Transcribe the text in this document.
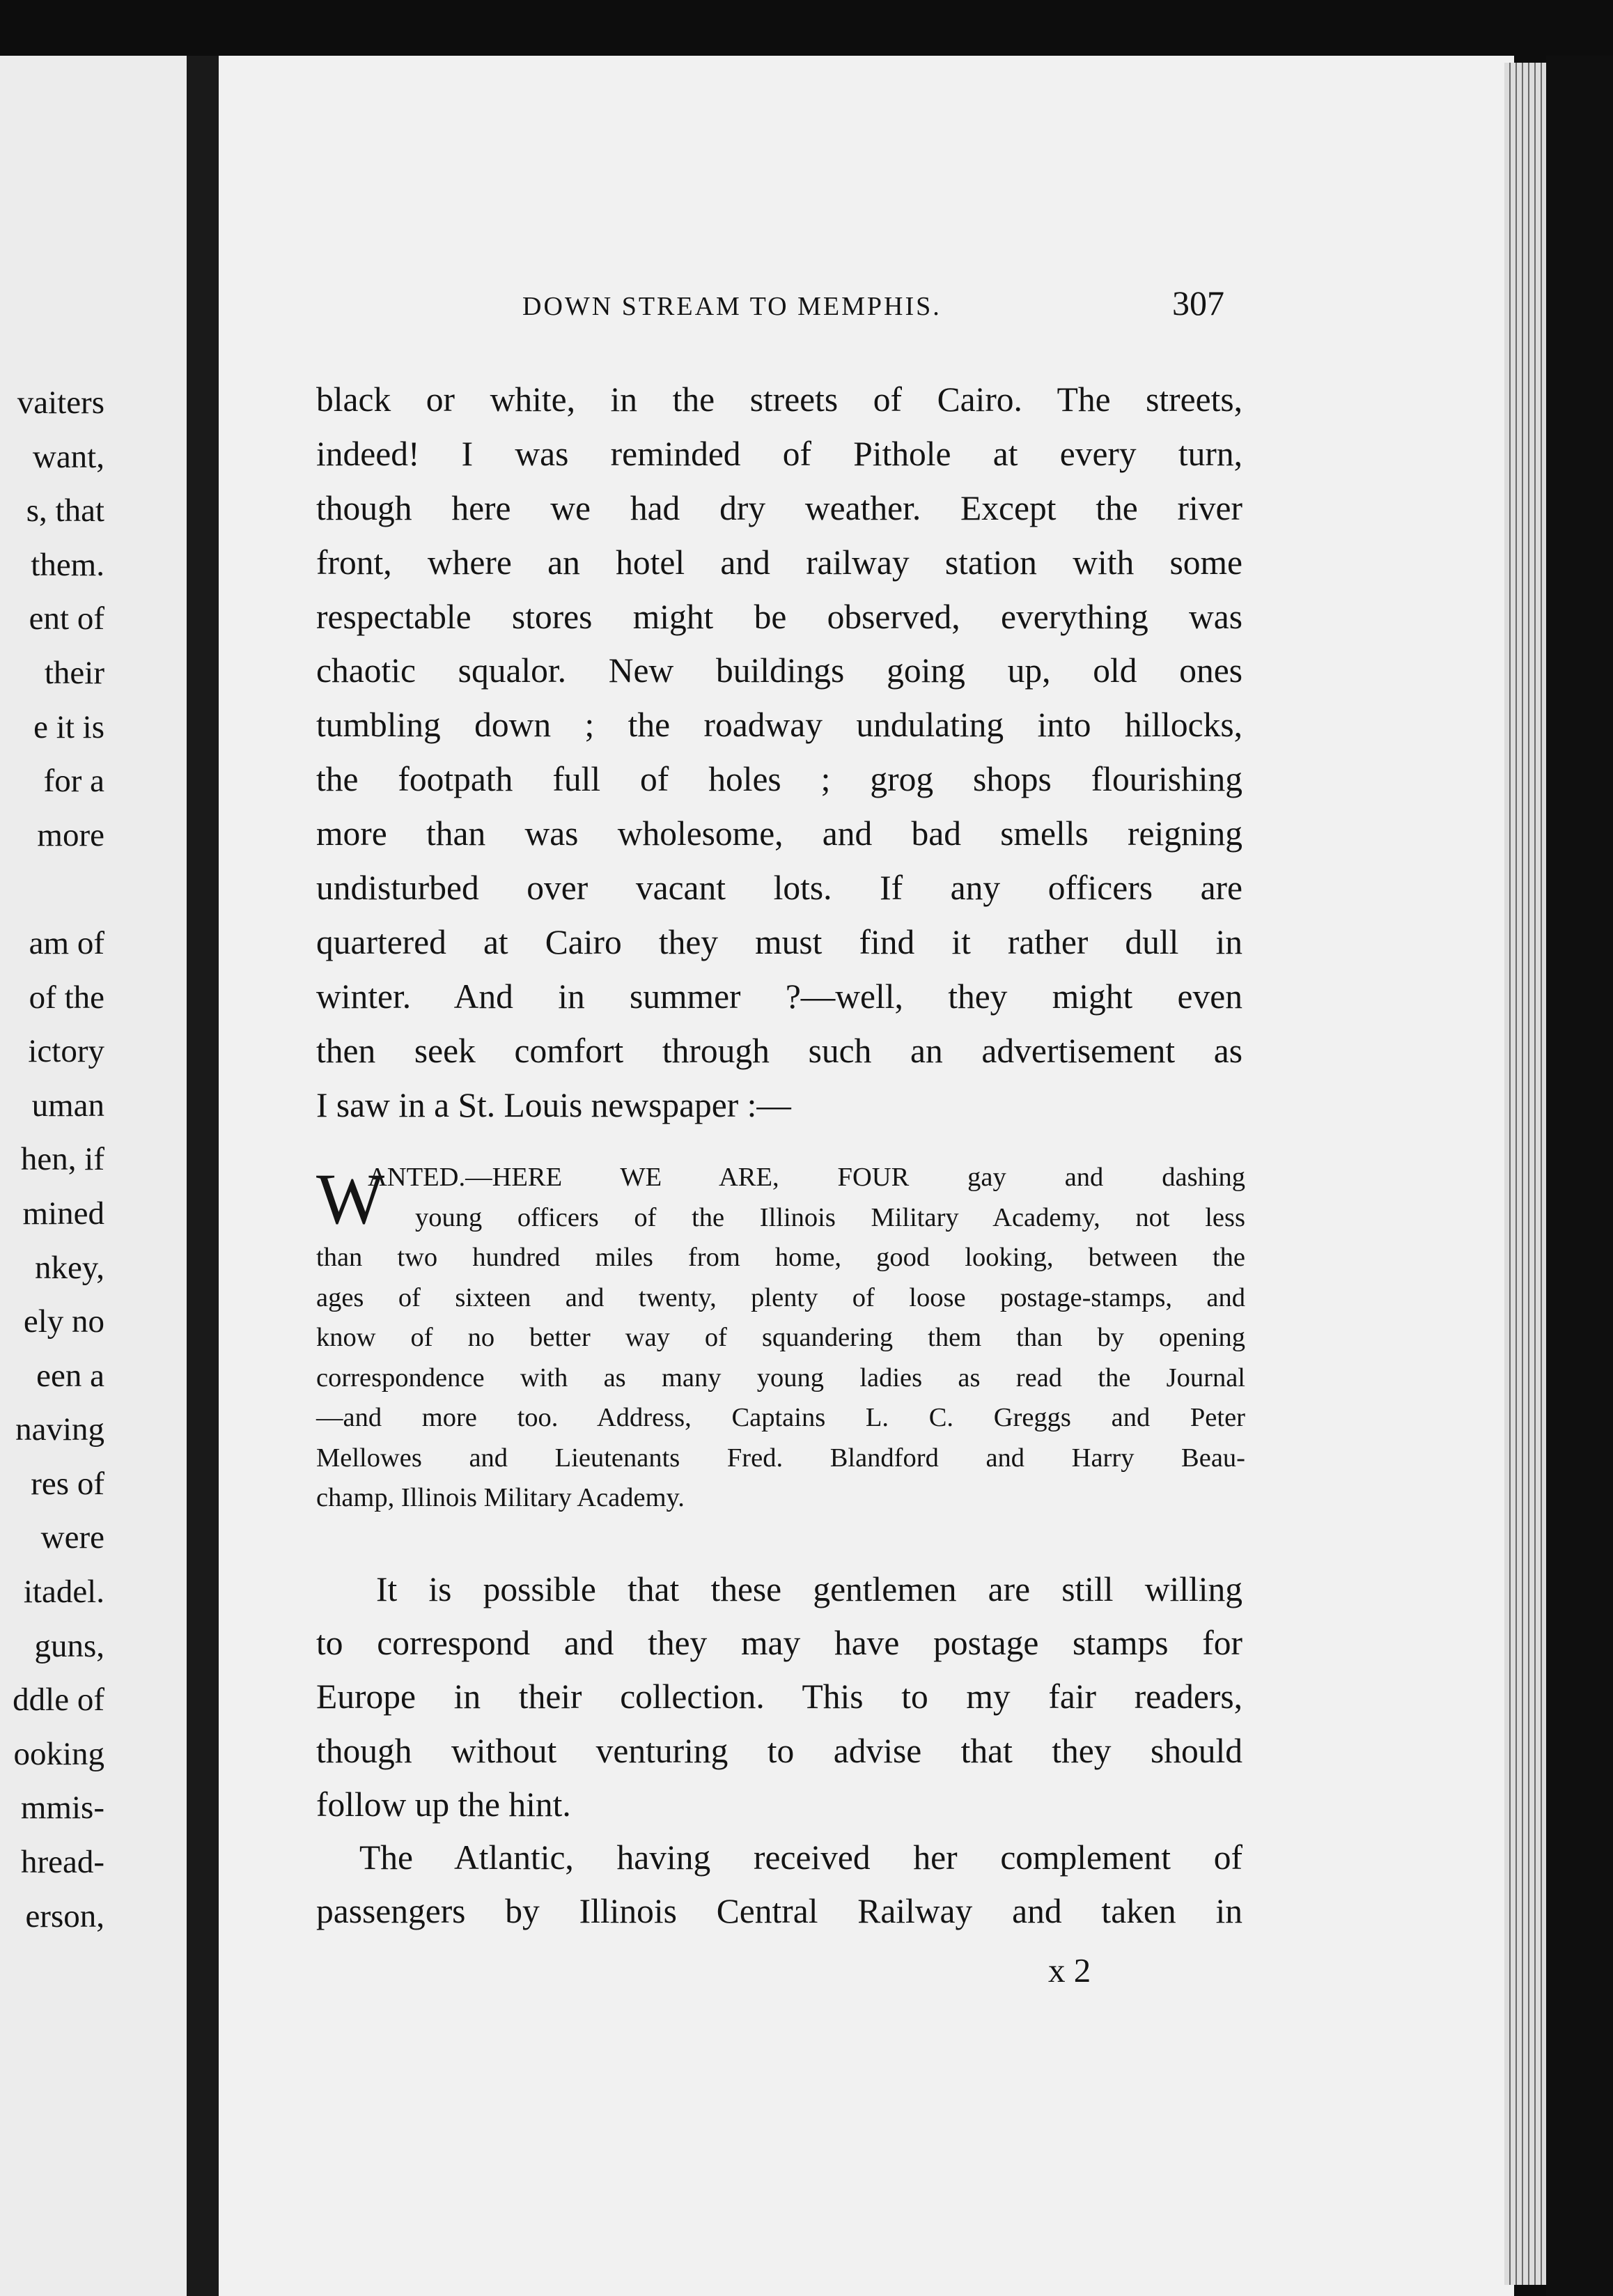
vaiters
want,
s, that
them.
ent of
their
e it is
for a
more
am of
of the
ictory
uman
hen, if
mined
nkey,
ely no
een a
naving
res of
were
itadel.
guns,
ddle of
ooking
mmis-
hread-
erson,
DOWN STREAM TO MEMPHIS.	307
black or white, in the streets of Cairo. The streets,
indeed! I was reminded of Pithole at every turn,
though here we had dry weather. Except the river
front, where an hotel and railway station with some
respectable stores might be observed, everything was
chaotic squalor. New buildings going up, old ones
tumbling down ; the roadway undulating into hillocks,
the footpath full of holes ; grog shops flourishing
more than was wholesome, and bad smells reigning
undisturbed over vacant lots. If any officers are
quartered at Cairo they must find it rather dull in
winter. And in summer ?—well, they might even
then seek comfort through such an advertisement as
I saw in a St. Louis newspaper :—
W
ANTED.—HERE WE ARE, FOUR gay and dashing
young officers of the Illinois Military Academy, not less
than two hundred miles from home, good looking, between the
ages of sixteen and twenty, plenty of loose postage-stamps, and
know of no better way of squandering them than by opening
correspondence with as many young ladies as read the Journal
—and more too. Address, Captains L. C. Greggs and Peter
Mellowes and Lieutenants Fred. Blandford and Harry Beau-
champ, Illinois Military Academy.
It is possible that these gentlemen are still willing
to correspond and they may have postage stamps for
Europe in their collection. This to my fair readers,
though without venturing to advise that they should
follow up the hint.
The Atlantic, having received her complement of
passengers by Illinois Central Railway and taken in
x 2
